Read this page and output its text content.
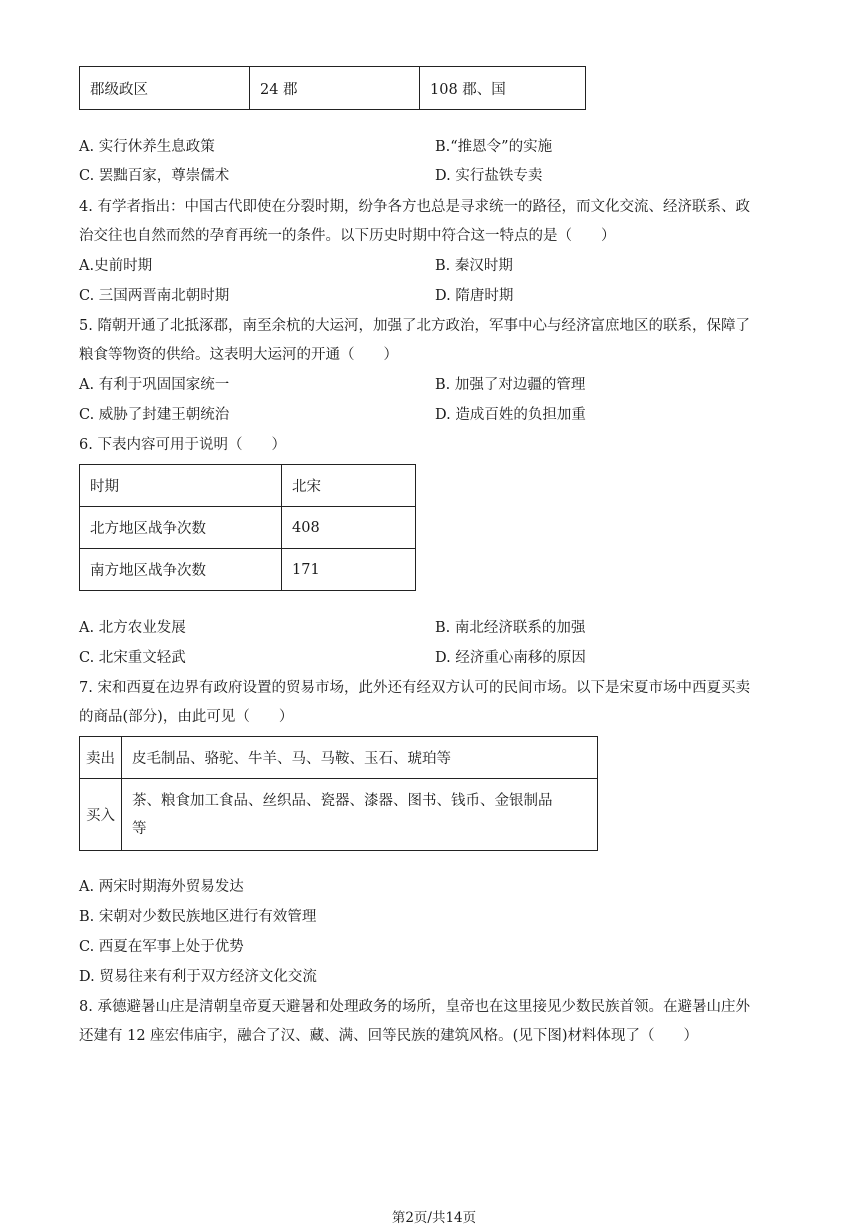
郡级政区	24 郡	108 郡、国
A. 实行休养生息政策	B.“推恩令”的实施
C. 罢黜百家，尊崇儒术	D. 实行盐铁专卖
4. 有学者指出：中国古代即使在分裂时期，纷争各方也总是寻求统一的路径，而文化交流、经济联系、政
治交往也自然而然的孕育再统一的条件。以下历史时期中符合这一特点的是（　　）
A.史前时期	B. 秦汉时期
C. 三国两晋南北朝时期	D. 隋唐时期
5. 隋朝开通了北抵涿郡，南至余杭的大运河，加强了北方政治，军事中心与经济富庶地区的联系，保障了
粮食等物资的供给。这表明大运河的开通（　　）
A. 有利于巩固国家统一	B. 加强了对边疆的管理
C. 威胁了封建王朝统治	D. 造成百姓的负担加重
6. 下表内容可用于说明（　　）
时期	北宋
北方地区战争次数	408
南方地区战争次数	171
A. 北方农业发展	B. 南北经济联系的加强
C. 北宋重文轻武	D. 经济重心南移的原因
7. 宋和西夏在边界有政府设置的贸易市场，此外还有经双方认可的民间市场。以下是宋夏市场中西夏买卖
的商品(部分)，由此可见（　　）
卖出	皮毛制品、骆驼、牛羊、马、马鞍、玉石、琥珀等
买入	茶、粮食加工食品、丝织品、瓷器、漆器、图书、钱币、金银制品
等
A. 两宋时期海外贸易发达
B. 宋朝对少数民族地区进行有效管理
C. 西夏在军事上处于优势
D. 贸易往来有利于双方经济文化交流
8. 承德避暑山庄是清朝皇帝夏天避暑和处理政务的场所，皇帝也在这里接见少数民族首领。在避暑山庄外
还建有 12 座宏伟庙宇，融合了汉、藏、满、回等民族的建筑风格。(见下图)材料体现了（　　）
第2页/共14页
